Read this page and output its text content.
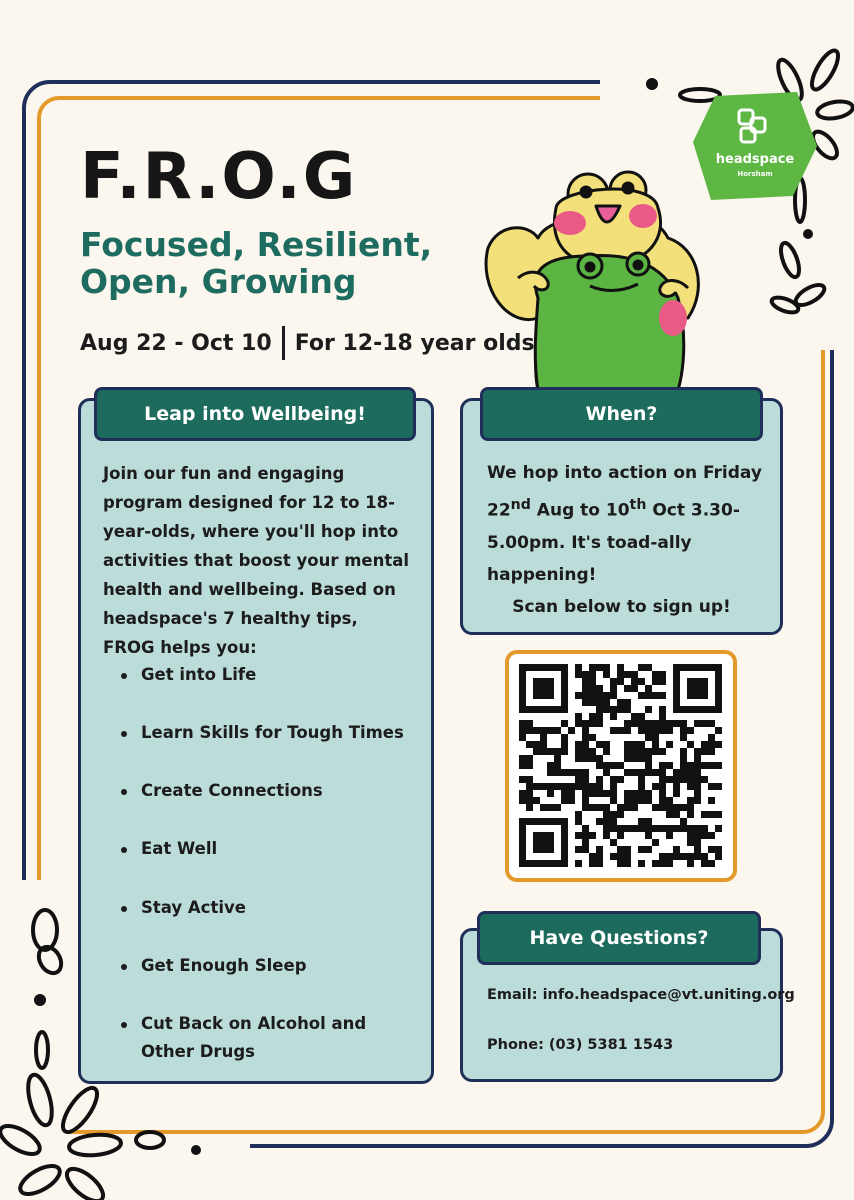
F.R.O.G
Focused, Resilient,
Open, Growing
Aug 22 - Oct 10 For 12-18 year olds
headspace
Horsham
Join our fun and engaging program designed for 12 to 18-year-olds, where you'll hop into activities that boost your mental health and wellbeing. Based on headspace's 7 healthy tips, FROG helps you:
Get into Life
Learn Skills for Tough Times
Create Connections
Eat Well
Stay Active
Get Enough Sleep
Cut Back on Alcohol and Other Drugs
Leap into Wellbeing!
We hop into action on Friday 22nd Aug to 10th Oct 3.30-5.00pm. It's toad-ally happening!
Scan below to sign up!
When?
Email: info.headspace@vt.uniting.org
Phone: (03) 5381 1543
Have Questions?
